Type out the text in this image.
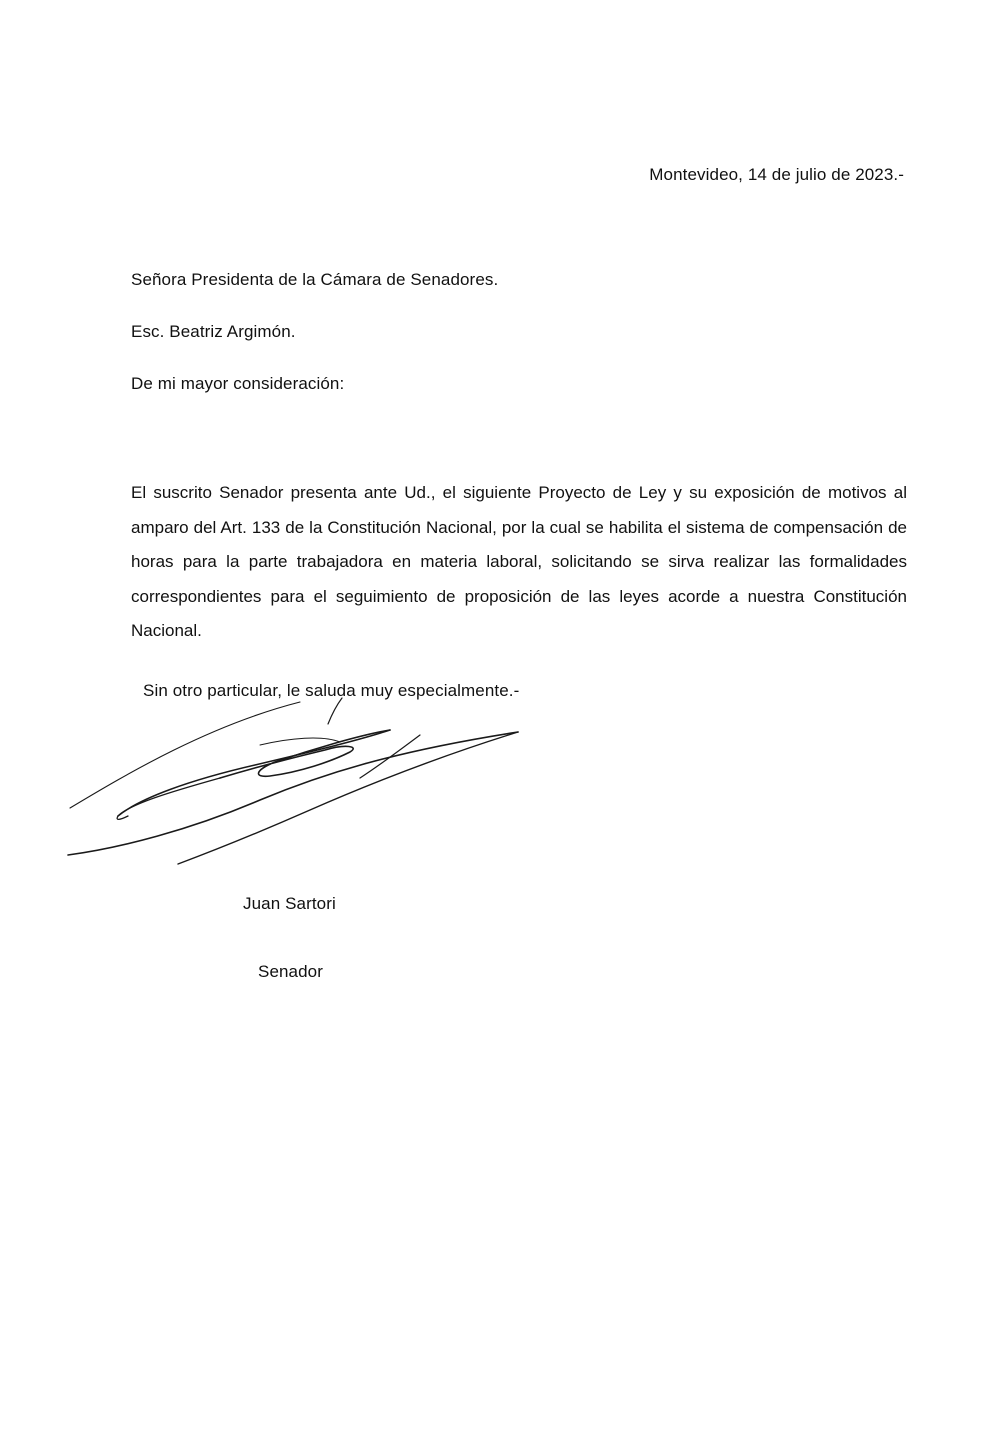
Montevideo, 14 de julio de 2023.-
Señora Presidenta de la Cámara de Senadores.
Esc. Beatriz Argimón.
De mi mayor consideración:
El suscrito Senador presenta ante Ud., el siguiente Proyecto de Ley y su exposición de motivos al amparo del Art. 133 de la Constitución Nacional, por la cual se habilita el sistema de compensación de horas para la parte trabajadora en materia laboral, solicitando se sirva realizar las formalidades correspondientes para el seguimiento de proposición de las leyes acorde a nuestra Constitución Nacional.
Sin otro particular, le saluda muy especialmente.-
Juan Sartori
Senador
